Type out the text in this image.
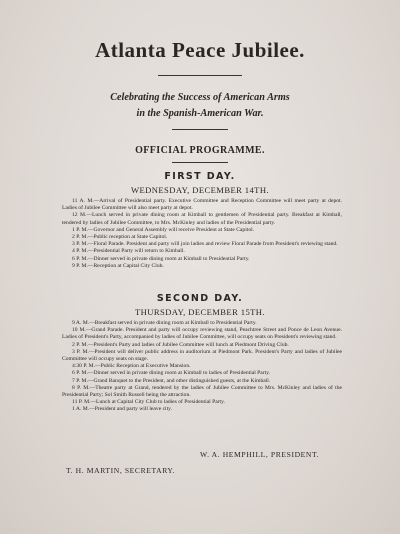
Atlanta Peace Jubilee.
Celebrating the Success of American Arms
in the Spanish-American War.
OFFICIAL PROGRAMME.
FIRST DAY.
WEDNESDAY, DECEMBER 14TH.

11 A. M.—Arrival of Presidential party. Executive Committee and Reception Committee will meet party at depot. Ladies of Jubilee Committee will also meet party at depot.

12 M.—Lunch served in private dining room at Kimball to gentlemen of Presidential party. Breakfast at Kimball, tendered by ladies of Jubilee Committee, to Mrs. McKinley and ladies of the Presidential party.

1 P. M.—Governor and General Assembly will receive President at State Capitol.

2 P. M.—Public reception at State Capitol.

3 P. M.—Floral Parade. President and party will join ladies and review Floral Parade from President's reviewing stand.

4 P. M.—Presidential Party will return to Kimball.

6 P. M.—Dinner served in private dining room at Kimball to Presidential Party.

9 P. M.—Reception at Capital City Club.

SECOND DAY.
THURSDAY, DECEMBER 15TH.

9 A. M.—Breakfast served in private dining room at Kimball to Presidential Party.

10 M.—Grand Parade. President and party will occupy reviewing stand, Peachtree Street and Ponce de Leon Avenue. Ladies of President's Party, accompanied by ladies of Jubilee Committee, will occupy seats on President's reviewing stand.

2 P. M.—President's Party and ladies of Jubilee Committee will lunch at Piedmont Driving Club.

3 P. M.—President will deliver public address in auditorium at Piedmont Park. President's Party and ladies of Jubilee Committee will occupy seats on stage.

4:30 P. M.—Public Reception at Executive Mansion.

6 P. M.—Dinner served in private dining room at Kimball to ladies of Presidential Party.

7 P. M.—Grand Banquet to the President, and other distinguished guests, at the Kimball.

8 P. M.—Theatre party at Grand, tendered by the ladies of Jubilee Committee to Mrs. McKinley and ladies of the Presidential Party; Sol Smith Russell being the attraction.

11 P. M.—Lunch at Capital City Club to ladies of Presidential Party.

1 A. M.—President and party will leave city.

W. A. HEMPHILL, PRESIDENT.
T. H. MARTIN, SECRETARY.
